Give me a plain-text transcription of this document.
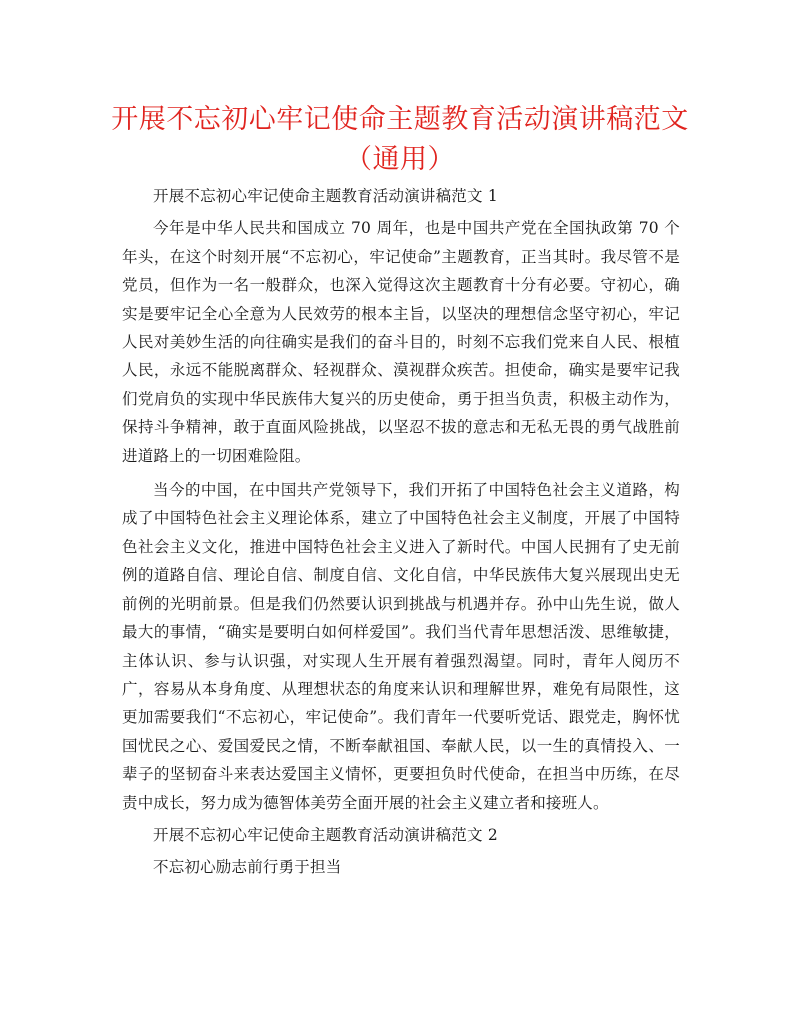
开展不忘初心牢记使命主题教育活动演讲稿范文
（通用）

开展不忘初心牢记使命主题教育活动演讲稿范文 1

今年是中华人民共和国成立 70 周年，也是中国共产党在全国执政第 70 个年头，在这个时刻开展“不忘初心，牢记使命”主题教育，正当其时。我尽管不是党员，但作为一名一般群众，也深入觉得这次主题教育十分有必要。守初心，确实是要牢记全心全意为人民效劳的根本主旨，以坚决的理想信念坚守初心，牢记人民对美妙生活的向往确实是我们的奋斗目的，时刻不忘我们党来自人民、根植人民，永远不能脱离群众、轻视群众、漠视群众疾苦。担使命，确实是要牢记我们党肩负的实现中华民族伟大复兴的历史使命，勇于担当负责，积极主动作为，保持斗争精神，敢于直面风险挑战，以坚忍不拔的意志和无私无畏的勇气战胜前进道路上的一切困难险阻。

当今的中国，在中国共产党领导下，我们开拓了中国特色社会主义道路，构成了中国特色社会主义理论体系，建立了中国特色社会主义制度，开展了中国特色社会主义文化，推进中国特色社会主义进入了新时代。中国人民拥有了史无前例的道路自信、理论自信、制度自信、文化自信，中华民族伟大复兴展现出史无前例的光明前景。但是我们仍然要认识到挑战与机遇并存。孙中山先生说，做人最大的事情，“确实是要明白如何样爱国”。我们当代青年思想活泼、思维敏捷，主体认识、参与认识强，对实现人生开展有着强烈渴望。同时，青年人阅历不广，容易从本身角度、从理想状态的角度来认识和理解世界，难免有局限性，这更加需要我们“不忘初心，牢记使命”。我们青年一代要听党话、跟党走，胸怀忧国忧民之心、爱国爱民之情，不断奉献祖国、奉献人民，以一生的真情投入、一辈子的坚韧奋斗来表达爱国主义情怀，更要担负时代使命，在担当中历练，在尽责中成长，努力成为德智体美劳全面开展的社会主义建立者和接班人。

开展不忘初心牢记使命主题教育活动演讲稿范文 2

不忘初心励志前行勇于担当
